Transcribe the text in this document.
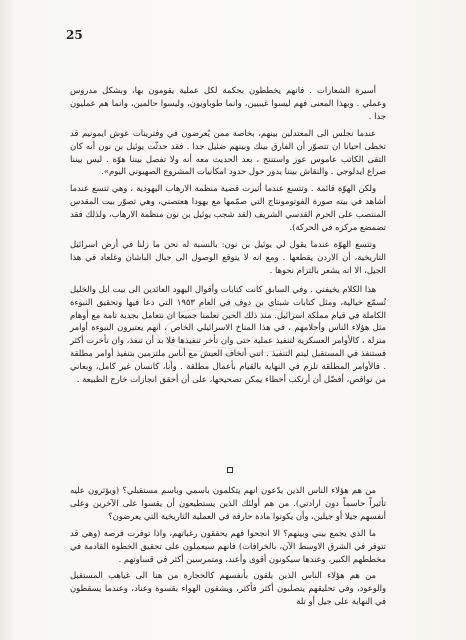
25

أسيرة الشعارات . فانهم يخططون بحكمة لكل عملية يقومون بها، وبشكل مدروس وعملي . وبهذا المعنى فهم ليسوا غيبيين، وانما طوباويون، وليسوا حالمين، وانما هم عمليون جدا .

عندما نجلس الى المعتدلين بينهم، بخاصة ممن يُعرضون في وفترينات عوش ايمونيم قد تخطى احيانا ان تتصوّر أن الفارق بينك وبينهم ضئيل جدا . فقد حدثّت يوئيل بن نون أنه كان التقى الكاتب عاموس عوز واستنتج ، بعد الحديث معه أنه ولا تفصل بيننا هوّة . ليس بيننا صراع ايدلوجي . والنقاش بيننا يدور حول حدود امكانيات المشروع الصهيوني اليوم».

ولكن الهوّة قائمة . وتتسع عندما أثيرت قضية منظمة الارهاب اليهودية ، وهي تتسع عندما أشاهد في بيته صورة الفوتومونتاج التي صمّمها مع يهودا هعتصني، وهي تصوّر بيت المقدس المنتصب على الحرم القدسي الشريف (لقد شجب يوئيل بن نون منظمة الارهاب، ولذلك فقد تضمضع مركزه في الحركة).

وتتسع الهوّة عندما يقول لي يوئيل بن نون: بالنسبة له نحن ما زلنا في أرض اسرائيل التاريخية، أن الاردن يقطعها . ومع انه لا يتوقع الوصول الى جبال الباشان وغلعاد في هذا الجيل، الا انه يشعر بالتزام نحوها .

هذا الكلام يخيفني . وفي السابق كانت كتابات وأقوال اليهود العائدين الى بيت ايل والخليل تُسمّع خيالية، ومثل كتابات شبتاي بن دوف في العام ١٩٥٣ التي دعا فيها وتحقيق النبوءة الكاملة في قيام مملكة اسرائيل. منذ ذلك الحين تعلمنا جميعا ان نتعامل بجدية تامة مع أوهام مثل هؤلاء الناس وأحلامهم ، في هذا المناخ الاسرائيلي الخاص ، انهم يعتبرون النبوءة أوامر منزلة ، كالأوامر العسكرية لتنفيذ عملية حتى وان تأخر تنفيذها فلا بد أن تنفذ، وان تأخرت أكثر فستنفذ في المستقبل ليتم التنفيذ . انني أتخاف العيش مع أناس ملتزمين بتنفيذ أوامر مطلقة . فالأوامر المطلقة تلزم في النهاية بالقيام بأعمال مطلقة . وأنا، كانسان غير كامل، وبعاني من نواقص، أفضّل أن أرتكب أخطاء يمكن تصحيحها، على أن أحقق انجازات خارج الطبيعة .

من هم هؤلاء الناس الذين يدّعون انهم يتكلمون باسمي وباسم مستقبلي؟ (ويؤثرون عليه تأثيراً حاسماً دون ارادتي). من هم أولئك الذين يستطيعون أن يقسوا على الآخرين وعلى أنفسهم جيلا أو جيلين، وأن يكونوا مادة حارقة في العملية التاريخية التي يعرضون؟

ما الذي يجمع بيني وبينهم؟ الا انجحوا فهم يحققون رغباتهم، واذا توفرت فرصة (وهي قد تتوفر في الشرق الاوسط الآن، بالخرافات) فانهم سيعملون على تحقيق الخطوة القادمة في مخططهم الكبير، وعندها سيكونون أقوى وأعند، ومتمرسين أكثر في قساوتهم .

من هم هؤلاء الناس الذين يلقون بأنفسهم كالحجارة من هنا الى غياهب المستقبل والوعود، وفي تحليقهم يتصلبون أكثر فأكثر، ويشقون الهواء بقسوة وعناد، وعندما يسقطون في النهاية على جيل أو تلة
